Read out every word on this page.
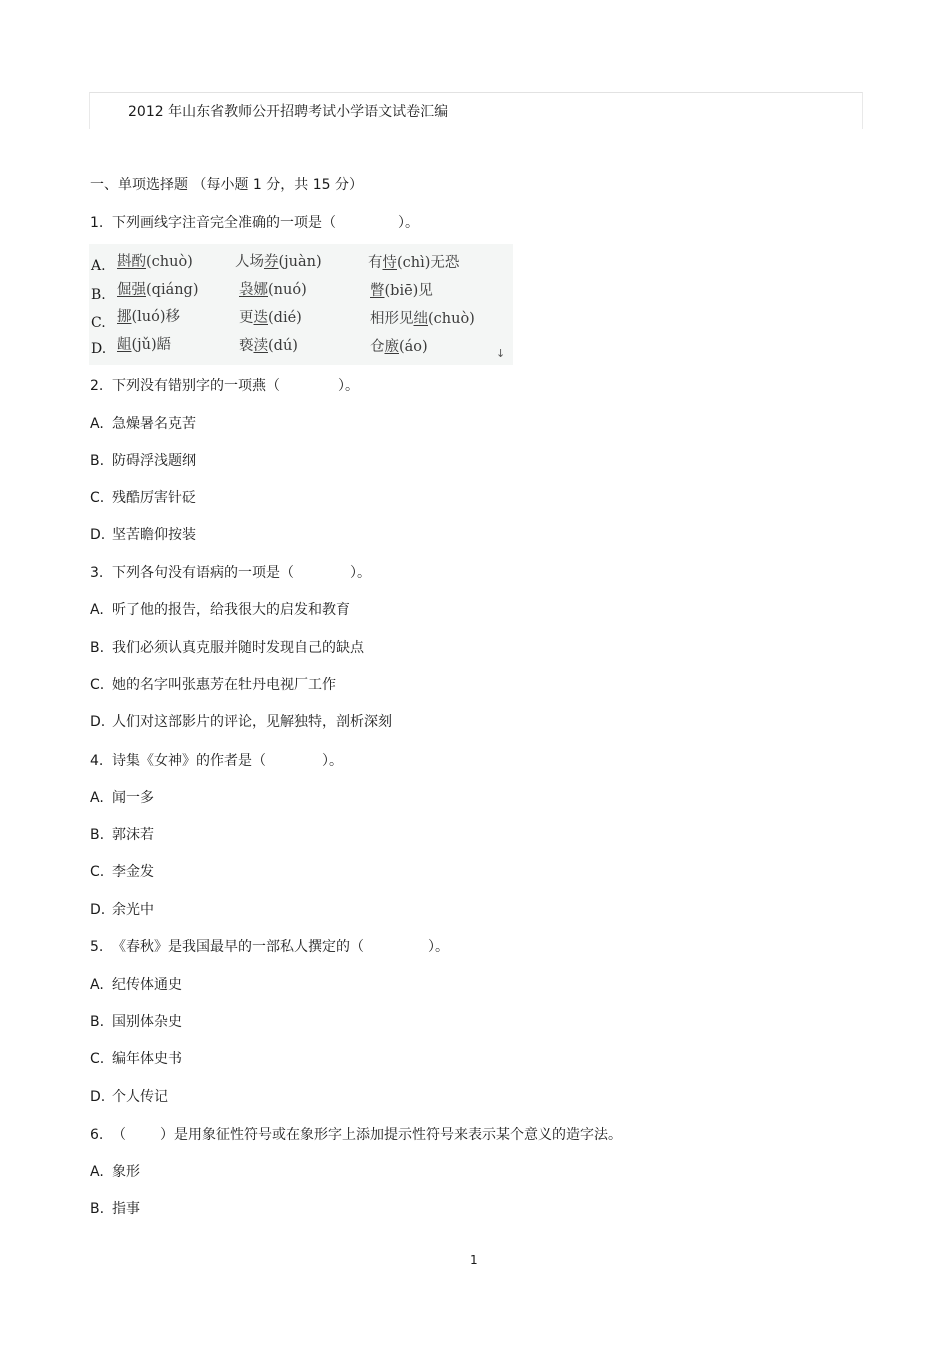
2012 年山东省教师公开招聘考试小学语文试卷汇编
一、单项选择题 （每小题 1 分，共 15 分）
1. 下列画线字注音完全准确的一项是（	）。
A. 斟酌(chuò)	人场券(juàn)	有恃(chì)无恐
B. 倔强(qiáng)	袅娜(nuó)	瞥(biē)见
C. 挪(luó)移	更迭(dié)	相形见绌(chuò)
D. 龃(jǔ)龉	亵渎(dú)	仓廒(áo)	↓
2. 下列没有错别字的一项燕（	）。
A. 急燥暑名克苦
B. 防碍浮浅题纲
C. 残酷厉害针砭
D. 坚苦瞻仰按装
3. 下列各句没有语病的一项是（	）。
A. 听了他的报告，给我很大的启发和教育
B. 我们必须认真克服并随时发现自己的缺点
C. 她的名字叫张惠芳在牡丹电视厂工作
D. 人们对这部影片的评论，见解独特，剖析深刻
4. 诗集《女神》的作者是（	）。
A. 闻一多
B. 郭沫若
C. 李金发
D. 余光中
5. 《春秋》是我国最早的一部私人撰定的（	）。
A. 纪传体通史
B. 国别体杂史
C. 编年体史书
D. 个人传记
6. （ ）是用象征性符号或在象形字上添加提示性符号来表示某个意义的造字法。
A. 象形
B. 指事
1
